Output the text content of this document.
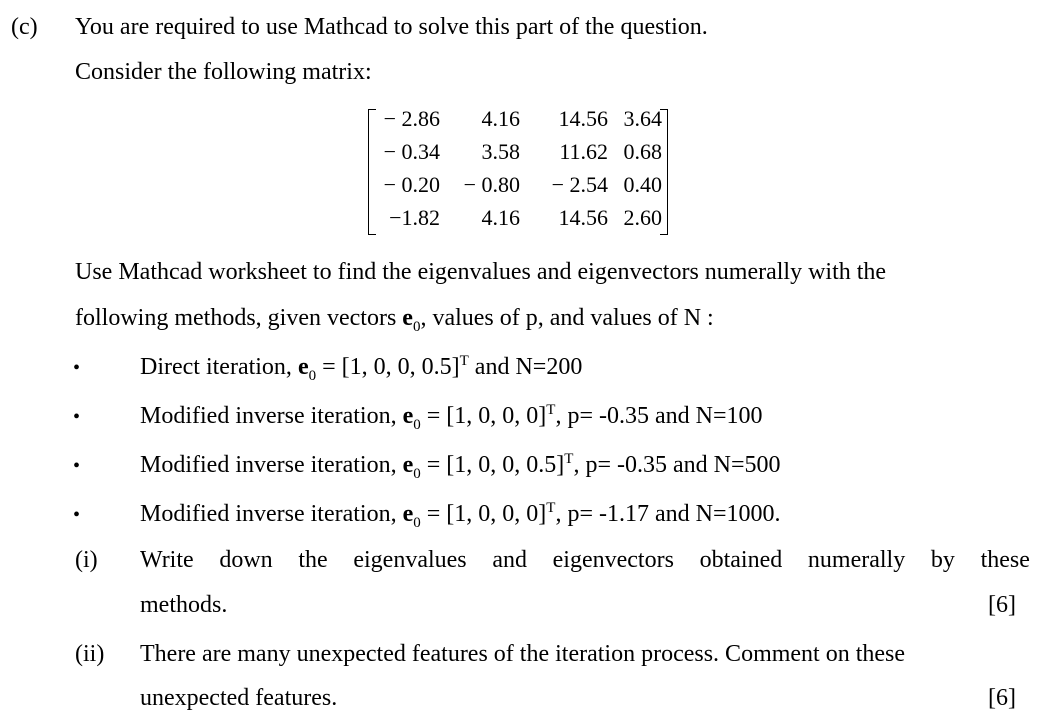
(c) You are required to use Mathcad to solve this part of the question.
Consider the following matrix:
− 2.86	4.16	14.56 3.64
− 0.34	3.58	11.62 0.68
− 0.20	− 0.80	− 2.54 0.40
−1.82	4.16	14.56 2.60
Use Mathcad worksheet to find the eigenvalues and eigenvectors numerally with the
following methods, given vectors $e_0$, values of p, and values of N :
• Direct iteration, $e_0 = [1$, 0, 0, 0.5]$^T$ and N=200
• Modified inverse iteration, $e_0 = [1$, 0, 0, 0]$^T$, p= -0.35 and N=100
• Modified inverse iteration, $e_0 = [1$, 0, 0, 0.5]$^T$, p= -0.35 and N=500
• Modified inverse iteration, $e_0 = [1$, 0, 0, 0]$^T$, p= -1.17 and N=1000.
(i) Write down the eigenvalues and eigenvectors obtained numerally by these
methods.	[6]
(ii) There are many unexpected features of the iteration process. Comment on these
unexpected features.	[6]
